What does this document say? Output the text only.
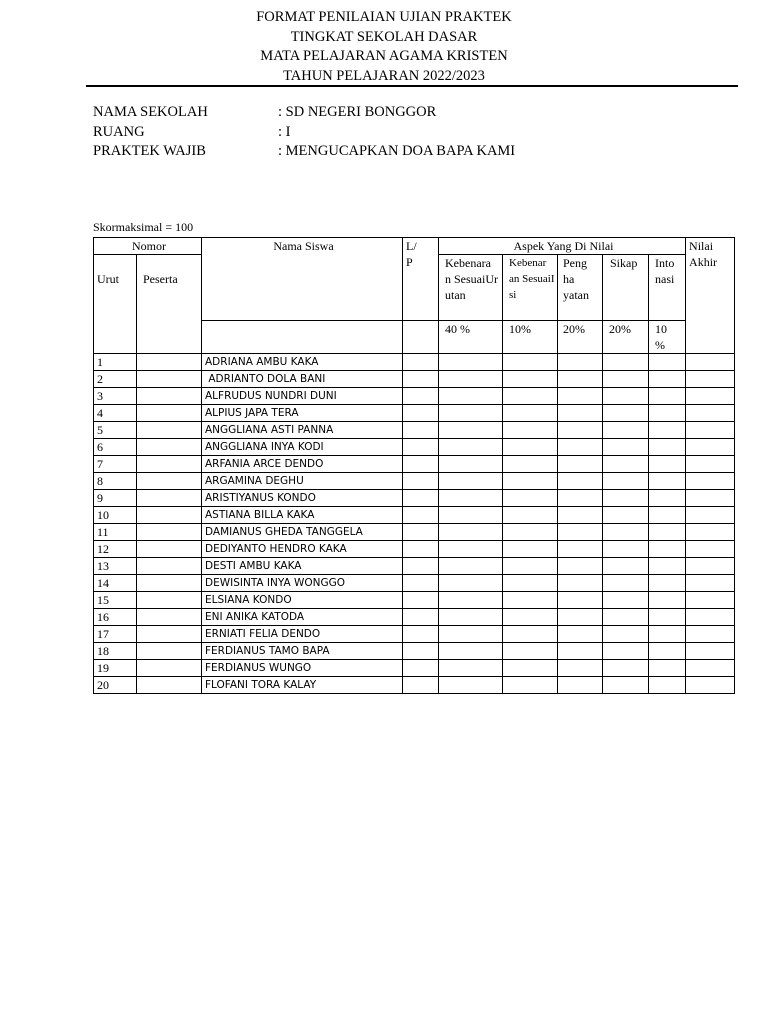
FORMAT PENILAIAN UJIAN PRAKTEK
TINGKAT SEKOLAH DASAR
MATA PELAJARAN AGAMA KRISTEN
TAHUN PELAJARAN 2022/2023
NAMA SEKOLAH	: SD NEGERI BONGGOR
RUANG	: I
PRAKTEK WAJIB	: MENGUCAPKAN DOA BAPA KAMI
Skormaksimal = 100
Nomor		Nama Siswa	L/ P	Aspek Yang Di Nilai					Nilai Akhir
Urut	Peserta			Kebenara n SesuaiUr utan	Kebenar an SesuaiI si	Peng ha yatan	Sikap	Into nasi	
				40 %	10%	20%	20%	10 %	
1		ADRIANA AMBU KAKA							
2		ADRIANTO DOLA BANI							
3		ALFRUDUS NUNDRI DUNI							
4		ALPIUS JAPA TERA							
5		ANGGLIANA ASTI PANNA							
6		ANGGLIANA INYA KODI							
7		ARFANIA ARCE DENDO							
8		ARGAMINA DEGHU							
9		ARISTIYANUS KONDO							
10		ASTIANA BILLA KAKA							
11		DAMIANUS GHEDA TANGGELA							
12		DEDIYANTO HENDRO KAKA							
13		DESTI AMBU KAKA							
14		DEWISINTA INYA WONGGO							
15		ELSIANA KONDO							
16		ENI ANIKA KATODA							
17		ERNIATI FELIA DENDO							
18		FERDIANUS TAMO BAPA							
19		FERDIANUS WUNGO							
20		FLOFANI TORA KALAY							
